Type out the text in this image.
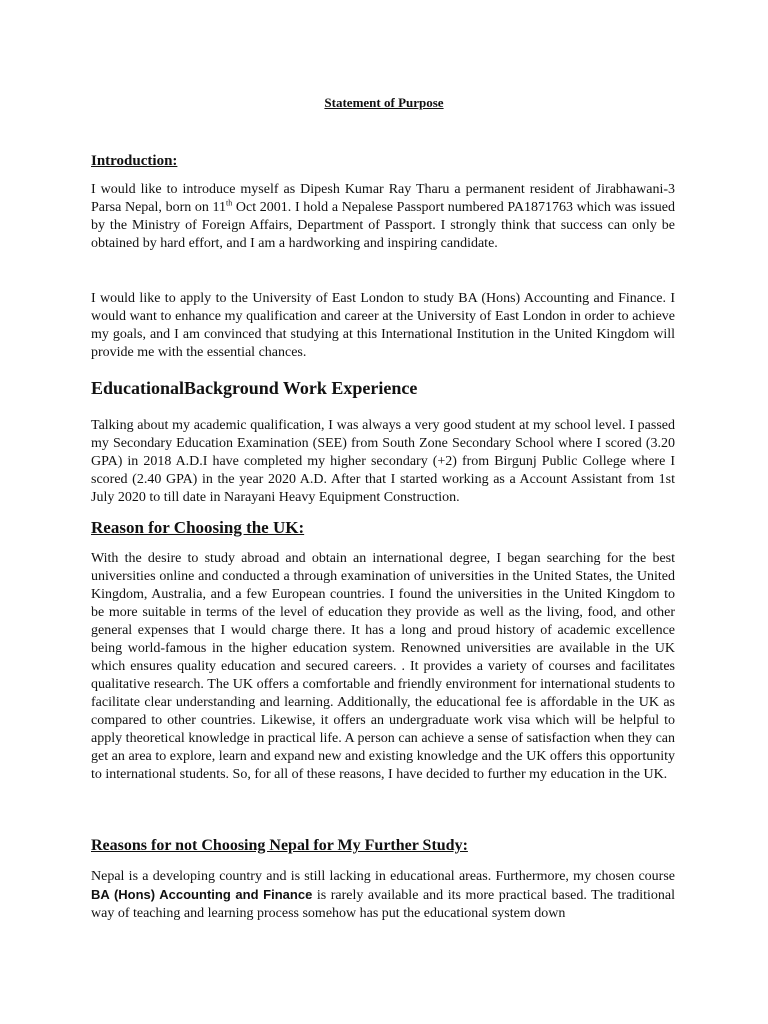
Statement of Purpose
Introduction:

I would like to introduce myself as Dipesh Kumar Ray Tharu a permanent resident of Jirabhawani-3 Parsa Nepal, born on 11th Oct 2001. I hold a Nepalese Passport numbered PA1871763 which was issued by the Ministry of Foreign Affairs, Department of Passport. I strongly think that success can only be obtained by hard effort, and I am a hardworking and inspiring candidate.

I would like to apply to the University of East London to study BA (Hons) Accounting and Finance. I would want to enhance my qualification and career at the University of East London in order to achieve my goals, and I am convinced that studying at this International Institution in the United Kingdom will provide me with the essential chances.

EducationalBackground Work Experience

Talking about my academic qualification, I was always a very good student at my school level. I passed my Secondary Education Examination (SEE) from South Zone Secondary School where I scored (3.20 GPA) in 2018 A.D.I have completed my higher secondary (+2) from Birgunj Public College where I scored (2.40 GPA) in the year 2020 A.D. After that I started working as a Account Assistant from 1st July 2020 to till date in Narayani Heavy Equipment Construction.

Reason for Choosing the UK:

With the desire to study abroad and obtain an international degree, I began searching for the best universities online and conducted a through examination of universities in the United States, the United Kingdom, Australia, and a few European countries. I found the universities in the United Kingdom to be more suitable in terms of the level of education they provide as well as the living, food, and other general expenses that I would charge there. It has a long and proud history of academic excellence being world-famous in the higher education system. Renowned universities are available in the UK which ensures quality education and secured careers. . It provides a variety of courses and facilitates qualitative research. The UK offers a comfortable and friendly environment for international students to facilitate clear understanding and learning. Additionally, the educational fee is affordable in the UK as compared to other countries. Likewise, it offers an undergraduate work visa which will be helpful to apply theoretical knowledge in practical life. A person can achieve a sense of satisfaction when they can get an area to explore, learn and expand new and existing knowledge and the UK offers this opportunity to international students. So, for all of these reasons, I have decided to further my education in the UK.

Reasons for not Choosing Nepal for My Further Study:

Nepal is a developing country and is still lacking in educational areas. Furthermore, my chosen course BA (Hons) Accounting and Finance is rarely available and its more practical based. The traditional way of teaching and learning process somehow has put the educational system down
